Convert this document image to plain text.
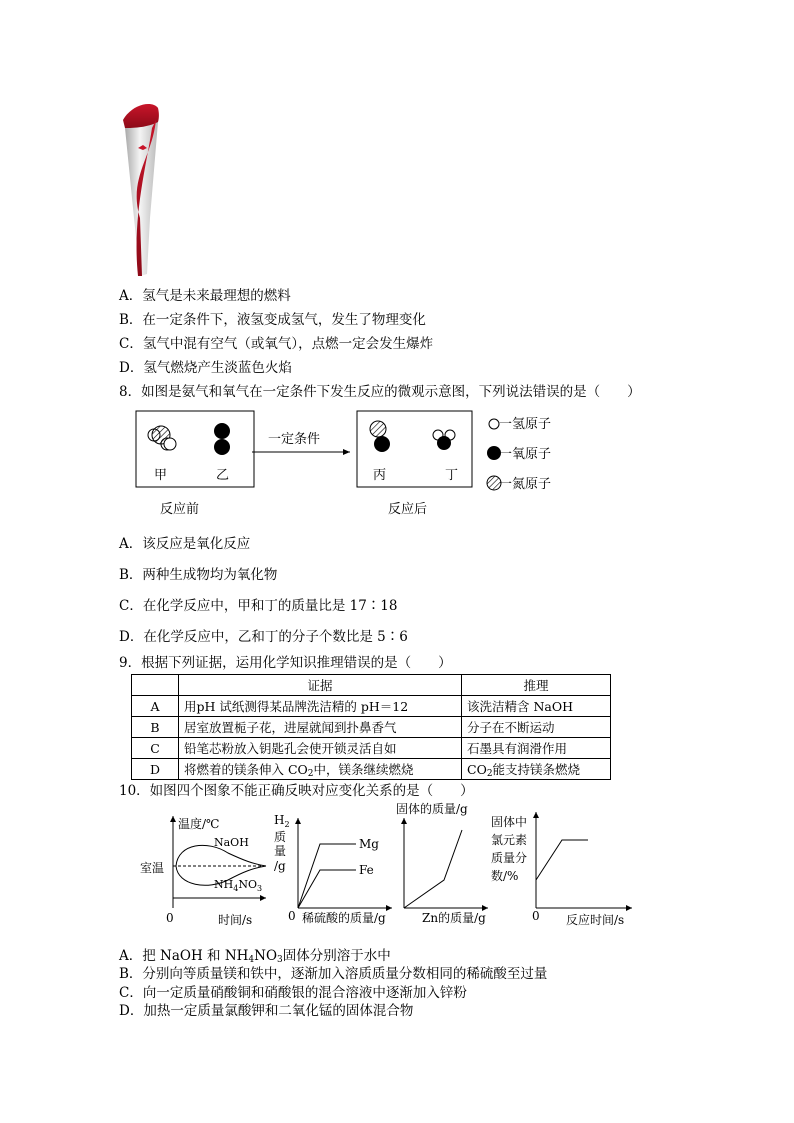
A．氢气是未来最理想的燃料
B．在一定条件下，液氢变成氢气，发生了物理变化
C．氢气中混有空气（或氧气），点燃一定会发生爆炸
D．氢气燃烧产生淡蓝色火焰
8．如图是氨气和氧气在一定条件下发生反应的微观示意图，下列说法错误的是（　　）
甲	乙
一定条件
丙	丁
一氢原子
一氧原子
一氮原子
反应前	反应后
A．该反应是氧化反应
B．两种生成物均为氧化物
C．在化学反应中，甲和丁的质量比是 17∶18
D．在化学反应中，乙和丁的分子个数比是 5∶6
9．根据下列证据，运用化学知识推理错误的是（　　）
	证据	推理
A	用pH 试纸测得某品牌洗洁精的 pH＝12	该洗洁精含 NaOH
B	居室放置栀子花，进屋就闻到扑鼻香气	分子在不断运动
C	铅笔芯粉放入钥匙孔会使开锁灵活自如	石墨具有润滑作用
D	将燃着的镁条伸入 $CO_2$中，镁条继续燃烧	$CO_2$能支持镁条燃烧
10．如图四个图象不能正确反映对应变化关系的是（　　）
温度/℃
室温
NaOH
$NH_4NO_3$
0	时间/s
$H_2$
质
量
/g
Mg
Fe
0 稀硫酸的质量/g
固体的质量/g
Zn的质量/g
固体中
氯元素
质量分
数/%
0 反应时间/s
A．把 NaOH 和 $NH_4NO_3$固体分别溶于水中
B．分别向等质量镁和铁中，逐渐加入溶质质量分数相同的稀硫酸至过量
C．向一定质量硝酸铜和硝酸银的混合溶液中逐渐加入锌粉
D．加热一定质量氯酸钾和二氧化锰的固体混合物
